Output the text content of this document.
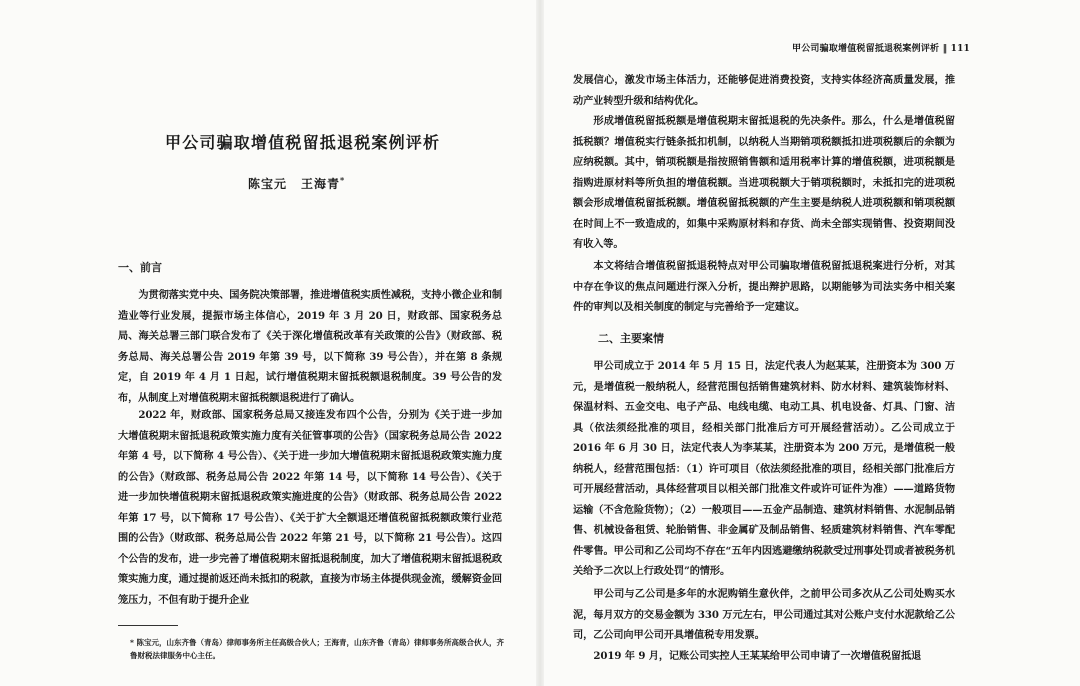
甲公司骗取增值税留抵退税案例评析 ‖ 111
甲公司骗取增值税留抵退税案例评析
陈宝元 王海青*
一、前言
为贯彻落实党中央、国务院决策部署，推进增值税实质性减税，支持小微企业和制造业等行业发展，提振市场主体信心，2019 年 3 月 20 日，财政部、国家税务总局、海关总署三部门联合发布了《关于深化增值税改革有关政策的公告》（财政部、税务总局、海关总署公告 2019 年第 39 号，以下简称 39 号公告），并在第 8 条规定，自 2019 年 4 月 1 日起，试行增值税期末留抵税额退税制度。39 号公告的发布，从制度上对增值税期末留抵税额退税进行了确认。
2022 年，财政部、国家税务总局又接连发布四个公告，分别为《关于进一步加大增值税期末留抵退税政策实施力度有关征管事项的公告》（国家税务总局公告 2022 年第 4 号，以下简称 4 号公告）、《关于进一步加大增值税期末留抵退税政策实施力度的公告》（财政部、税务总局公告 2022 年第 14 号，以下简称 14 号公告）、《关于进一步加快增值税期末留抵退税政策实施进度的公告》（财政部、税务总局公告 2022 年第 17 号，以下简称 17 号公告）、《关于扩大全额退还增值税留抵税额政策行业范围的公告》（财政部、税务总局公告 2022 年第 21 号，以下简称 21 号公告）。这四个公告的发布，进一步完善了增值税期末留抵退税制度，加大了增值税期末留抵退税政策实施力度，通过提前返还尚未抵扣的税款，直接为市场主体提供现金流，缓解资金回笼压力，不但有助于提升企业
* 陈宝元，山东齐鲁（青岛）律师事务所主任高级合伙人；王海青，山东齐鲁（青岛）律师事务所高级合伙人，齐鲁财税法律服务中心主任。
发展信心，激发市场主体活力，还能够促进消费投资，支持实体经济高质量发展，推动产业转型升级和结构优化。
形成增值税留抵税额是增值税期末留抵退税的先决条件。那么，什么是增值税留抵税额？增值税实行链条抵扣机制，以纳税人当期销项税额抵扣进项税额后的余额为应纳税额。其中，销项税额是指按照销售额和适用税率计算的增值税额，进项税额是指购进原材料等所负担的增值税额。当进项税额大于销项税额时，未抵扣完的进项税额会形成增值税留抵税额。增值税留抵税额的产生主要是纳税人进项税额和销项税额在时间上不一致造成的，如集中采购原材料和存货、尚未全部实现销售、投资期间没有收入等。
本文将结合增值税留抵退税特点对甲公司骗取增值税留抵退税案进行分析，对其中存在争议的焦点问题进行深入分析，提出辩护思路，以期能够为司法实务中相关案件的审判以及相关制度的制定与完善给予一定建议。
二、主要案情
甲公司成立于 2014 年 5 月 15 日，法定代表人为赵某某，注册资本为 300 万元，是增值税一般纳税人，经营范围包括销售建筑材料、防水材料、建筑装饰材料、保温材料、五金交电、电子产品、电线电缆、电动工具、机电设备、灯具、门窗、洁具（依法须经批准的项目，经相关部门批准后方可开展经营活动）。乙公司成立于 2016 年 6 月 30 日，法定代表人为李某某，注册资本为 200 万元，是增值税一般纳税人，经营范围包括：（1）许可项目（依法须经批准的项目，经相关部门批准后方可开展经营活动，具体经营项目以相关部门批准文件或许可证件为准）——道路货物运输（不含危险货物）；（2）一般项目——五金产品制造、建筑材料销售、水泥制品销售、机械设备租赁、轮胎销售、非金属矿及制品销售、轻质建筑材料销售、汽车零配件零售。甲公司和乙公司均不存在“五年内因逃避缴纳税款受过刑事处罚或者被税务机关给予二次以上行政处罚”的情形。
甲公司与乙公司是多年的水泥购销生意伙伴，之前甲公司多次从乙公司处购买水泥，每月双方的交易金额为 330 万元左右，甲公司通过其对公账户支付水泥款给乙公司，乙公司向甲公司开具增值税专用发票。
2019 年 9 月，记账公司实控人王某某给甲公司申请了一次增值税留抵退
